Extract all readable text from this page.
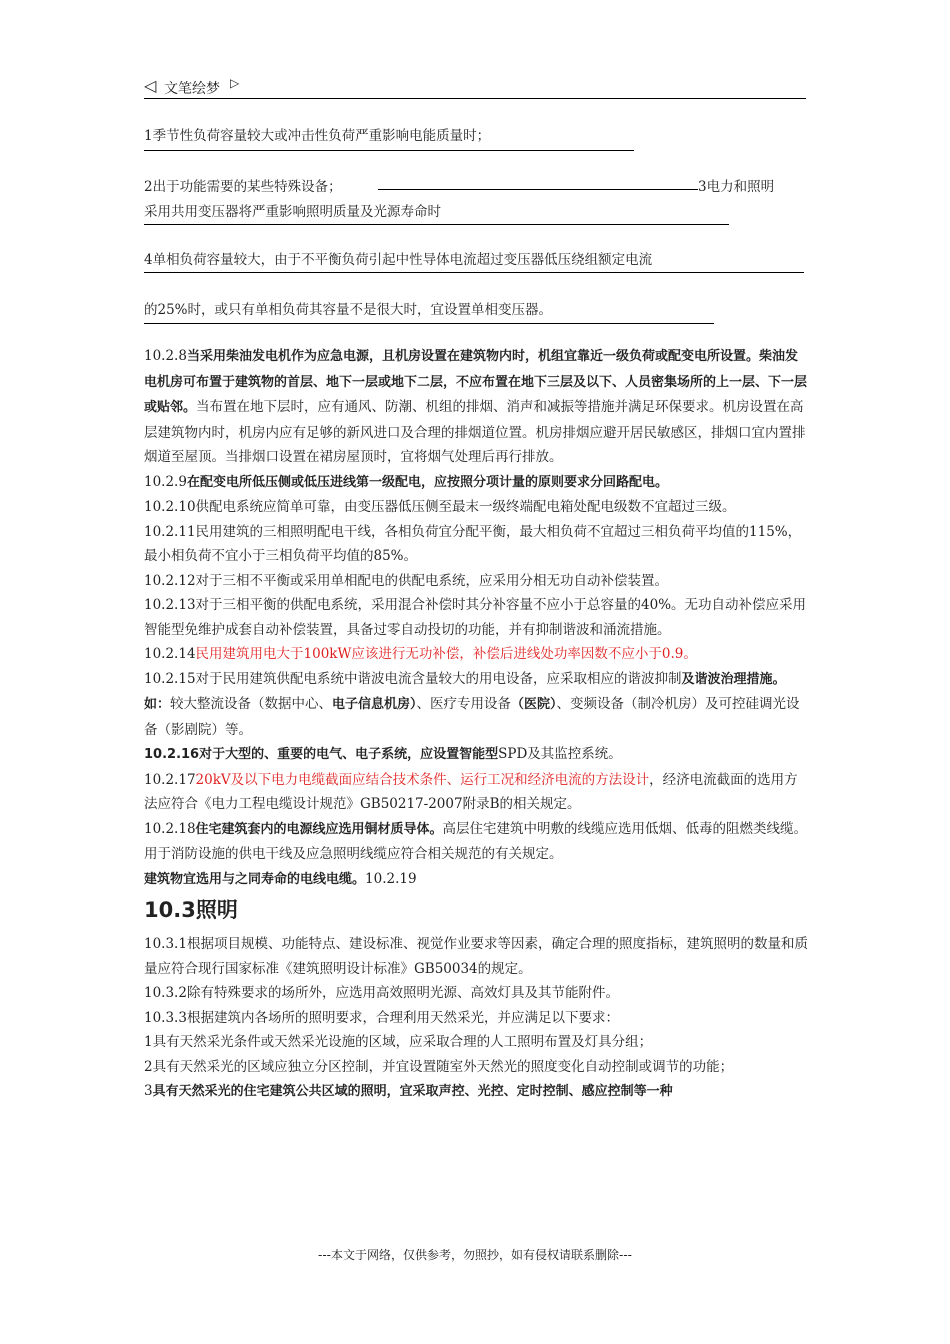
◁ 文笔绘梦 ▷
1季节性负荷容量较大或冲击性负荷严重影响电能质量时；
2出于功能需要的某些特殊设备；	3电力和照明
采用共用变压器将严重影响照明质量及光源寿命时
4单相负荷容量较大，由于不平衡负荷引起中性导体电流超过变压器低压绕组额定电流
的25%时，或只有单相负荷其容量不是很大时，宜设置单相变压器。

10.2.8当采用柴油发电机作为应急电源，且机房设置在建筑物内时，机组宜靠近一级负荷或配变电所设置。柴油发电机房可布置于建筑物的首层、地下一层或地下二层，不应布置在地下三层及以下、人员密集场所的上一层、下一层或贴邻。当布置在地下层时，应有通风、防潮、机组的排烟、消声和减振等措施并满足环保要求。机房设置在高层建筑物内时，机房内应有足够的新风进口及合理的排烟道位置。机房排烟应避开居民敏感区，排烟口宜内置排烟道至屋顶。当排烟口设置在裙房屋顶时，宜将烟气处理后再行排放。

10.2.9在配变电所低压侧或低压进线第一级配电，应按照分项计量的原则要求分回路配电。

10.2.10供配电系统应简单可靠，由变压器低压侧至最末一级终端配电箱处配电级数不宜超过三级。

10.2.11民用建筑的三相照明配电干线，各相负荷宜分配平衡，最大相负荷不宜超过三相负荷平均值的115%，最小相负荷不宜小于三相负荷平均值的85%。

10.2.12对于三相不平衡或采用单相配电的供配电系统，应采用分相无功自动补偿装置。

10.2.13对于三相平衡的供配电系统，采用混合补偿时其分补容量不应小于总容量的40%。无功自动补偿应采用智能型免维护成套自动补偿装置，具备过零自动投切的功能，并有抑制谐波和涌流措施。

10.2.14民用建筑用电大于100kW应该进行无功补偿，补偿后进线处功率因数不应小于0.9。

10.2.15对于民用建筑供配电系统中谐波电流含量较大的用电设备，应采取相应的谐波抑制及谐波治理措施。如：较大整流设备（数据中心、电子信息机房）、医疗专用设备（医院）、变频设备（制冷机房）及可控硅调光设备（影剧院）等。

10.2.16对于大型的、重要的电气、电子系统，应设置智能型SPD及其监控系统。

10.2.1720kV及以下电力电缆截面应结合技术条件、运行工况和经济电流的方法设计，经济电流截面的选用方法应符合《电力工程电缆设计规范》GB50217-2007附录B的相关规定。

10.2.18住宅建筑套内的电源线应选用铜材质导体。高层住宅建筑中明敷的线缆应选用低烟、低毒的阻燃类线缆。用于消防设施的供电干线及应急照明线缆应符合相关规范的有关规定。

建筑物宜选用与之同寿命的电线电缆。10.2.19

10.3照明

10.3.1根据项目规模、功能特点、建设标准、视觉作业要求等因素，确定合理的照度指标，建筑照明的数量和质量应符合现行国家标准《建筑照明设计标准》GB50034的规定。

10.3.2除有特殊要求的场所外，应选用高效照明光源、高效灯具及其节能附件。

10.3.3根据建筑内各场所的照明要求，合理利用天然采光，并应满足以下要求：

1具有天然采光条件或天然采光设施的区域，应采取合理的人工照明布置及灯具分组；

2具有天然采光的区域应独立分区控制，并宜设置随室外天然光的照度变化自动控制或调节的功能；

3具有天然采光的住宅建筑公共区域的照明，宜采取声控、光控、定时控制、感应控制等一种

---本文于网络，仅供参考，勿照抄，如有侵权请联系删除---
